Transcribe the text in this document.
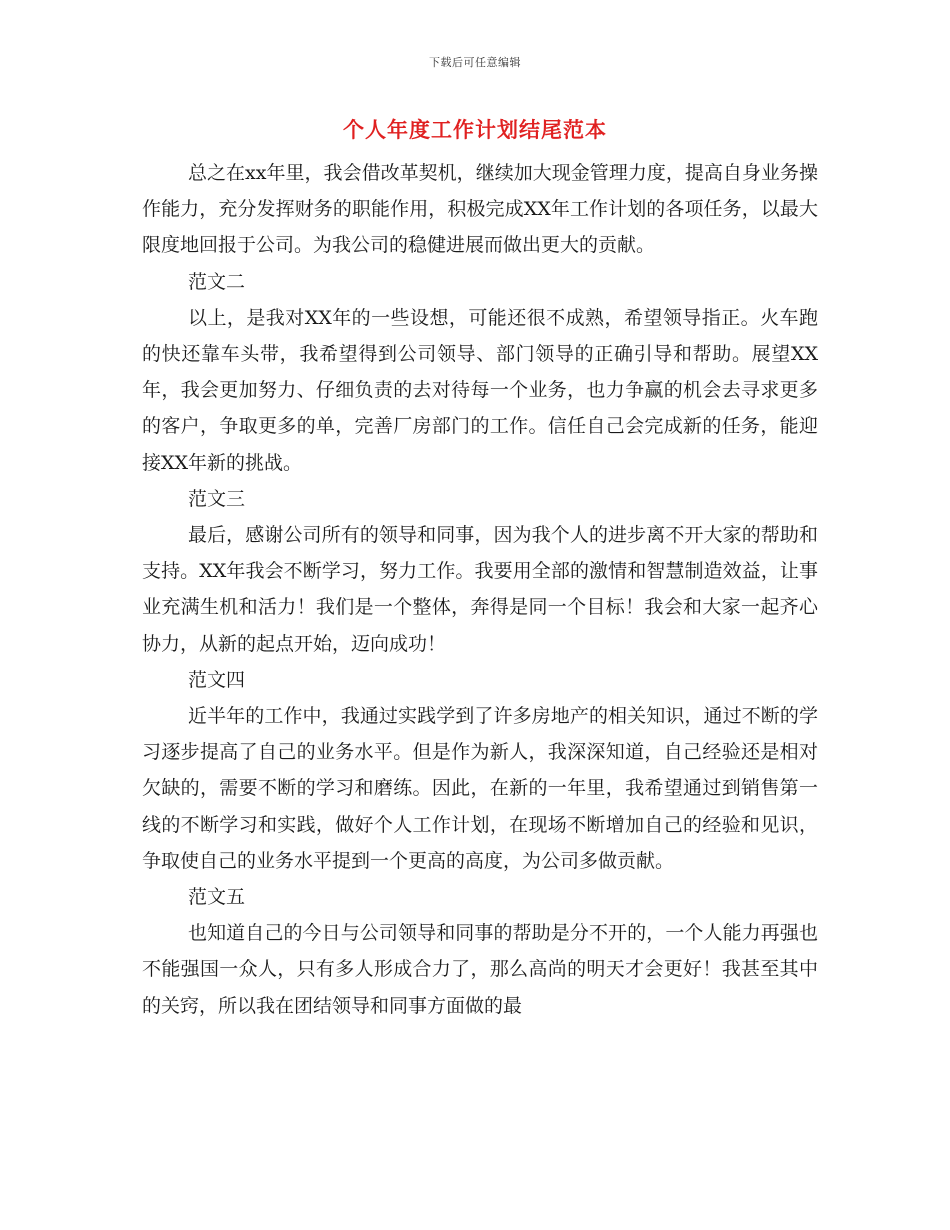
下载后可任意编辑
个人年度工作计划结尾范本

总之在xx年里，我会借改革契机，继续加大现金管理力度，提高自身业务操作能力，充分发挥财务的职能作用，积极完成XX年工作计划的各项任务，以最大限度地回报于公司。为我公司的稳健进展而做出更大的贡献。

范文二

以上，是我对XX年的一些设想，可能还很不成熟，希望领导指正。火车跑的快还靠车头带，我希望得到公司领导、部门领导的正确引导和帮助。展望XX年，我会更加努力、仔细负责的去对待每一个业务，也力争赢的机会去寻求更多的客户，争取更多的单，完善厂房部门的工作。信任自己会完成新的任务，能迎接XX年新的挑战。

范文三

最后，感谢公司所有的领导和同事，因为我个人的进步离不开大家的帮助和支持。XX年我会不断学习，努力工作。我要用全部的激情和智慧制造效益，让事业充满生机和活力！我们是一个整体，奔得是同一个目标！我会和大家一起齐心协力，从新的起点开始，迈向成功！

范文四

近半年的工作中，我通过实践学到了许多房地产的相关知识，通过不断的学习逐步提高了自己的业务水平。但是作为新人，我深深知道，自己经验还是相对欠缺的，需要不断的学习和磨练。因此，在新的一年里，我希望通过到销售第一线的不断学习和实践，做好个人工作计划，在现场不断增加自己的经验和见识，争取使自己的业务水平提到一个更高的高度，为公司多做贡献。

范文五

也知道自己的今日与公司领导和同事的帮助是分不开的，一个人能力再强也不能强国一众人，只有多人形成合力了，那么高尚的明天才会更好！我甚至其中的关窍，所以我在团结领导和同事方面做的最
